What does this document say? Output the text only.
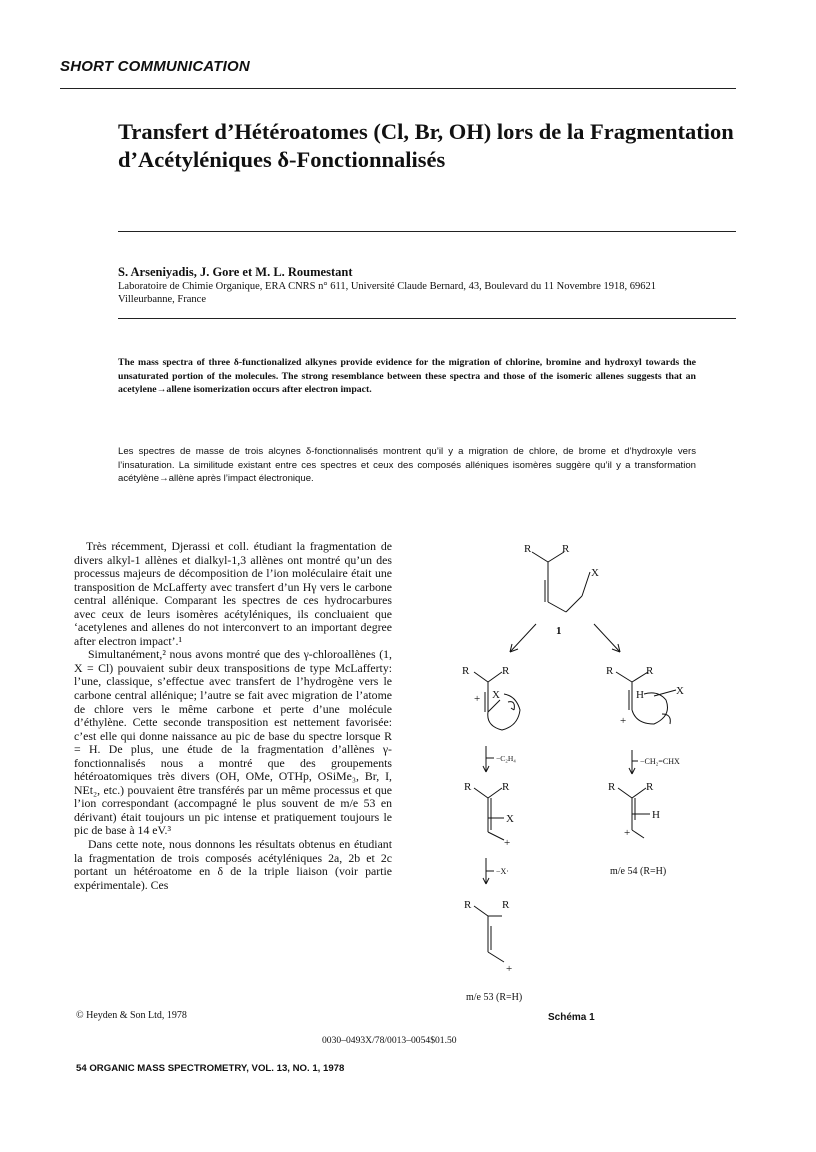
SHORT COMMUNICATION
Transfert d’Hétéroatomes (Cl, Br, OH) lors de la Fragmentation d’Acétyléniques δ-Fonctionnalisés
S. Arseniyadis, J. Gore et M. L. Roumestant
Laboratoire de Chimie Organique, ERA CNRS n° 611, Université Claude Bernard, 43, Boulevard du 11 Novembre 1918, 69621 Villeurbanne, France
The mass spectra of three δ-functionalized alkynes provide evidence for the migration of chlorine, bromine and hydroxyl towards the unsaturated portion of the molecules. The strong resemblance between these spectra and those of the isomeric allenes suggests that an acetylene→allene isomerization occurs after electron impact.
Les spectres de masse de trois alcynes δ-fonctionnalisés montrent qu’il y a migration de chlore, de brome et d’hydroxyle vers l’insaturation. La similitude existant entre ces spectres et ceux des composés alléniques isomères suggère qu’il y a transformation acétylène→allène après l’impact électronique.

Très récemment, Djerassi et coll. étudiant la fragmentation de divers alkyl-1 allènes et dialkyl-1,3 allènes ont montré qu’un des processus majeurs de décomposition de l’ion moléculaire était une transposition de McLafferty avec transfert d’un Hγ vers le carbone central allénique. Comparant les spectres de ces hydrocarbures avec ceux de leurs isomères acétyléniques, ils concluaient que ‘acetylenes and allenes do not interconvert to an important degree after electron impact’.¹

Simultanément,² nous avons montré que des γ-chloroallènes (1, X = Cl) pouvaient subir deux transpositions de type McLafferty: l’une, classique, s’effectue avec transfert de l’hydrogène vers le carbone central allénique; l’autre se fait avec migration de l’atome de chlore vers le même carbone et perte d’une molécule d’éthylène. Cette seconde transposition est nettement favorisée: c’est elle qui donne naissance au pic de base du spectre lorsque R = H. De plus, une étude de la fragmentation d’allènes γ-fonctionnalisés nous a montré que des groupements hétéroatomiques très divers (OH, OMe, OTHp, OSiMe₃, Br, I, NEt₂, etc.) pouvaient être transférés par un même processus et que l’ion correspondant (accompagné le plus souvent de m/e 53 en dérivant) était toujours un pic intense et pratiquement toujours le pic de base à 14 eV.³

Dans cette note, nous donnons les résultats obtenus en étudiant la fragmentation de trois composés acétyléniques 2a, 2b et 2c portant un hétéroatome en δ de la triple liaison (voir partie expérimentale). Ces

R	R
X
1
R	R
X
+
R	R
H	X
+
−C₂H₄	−CH₂=CHX
R	R
X
+
R	R
H
+
m/e 54 (R=H)
−X·
R	R
+
m/e 53 (R=H)
© Heyden & Son Ltd, 1978	Schéma 1
0030–0493X/78/0013–0054$01.50
54 ORGANIC MASS SPECTROMETRY, VOL. 13, NO. 1, 1978
